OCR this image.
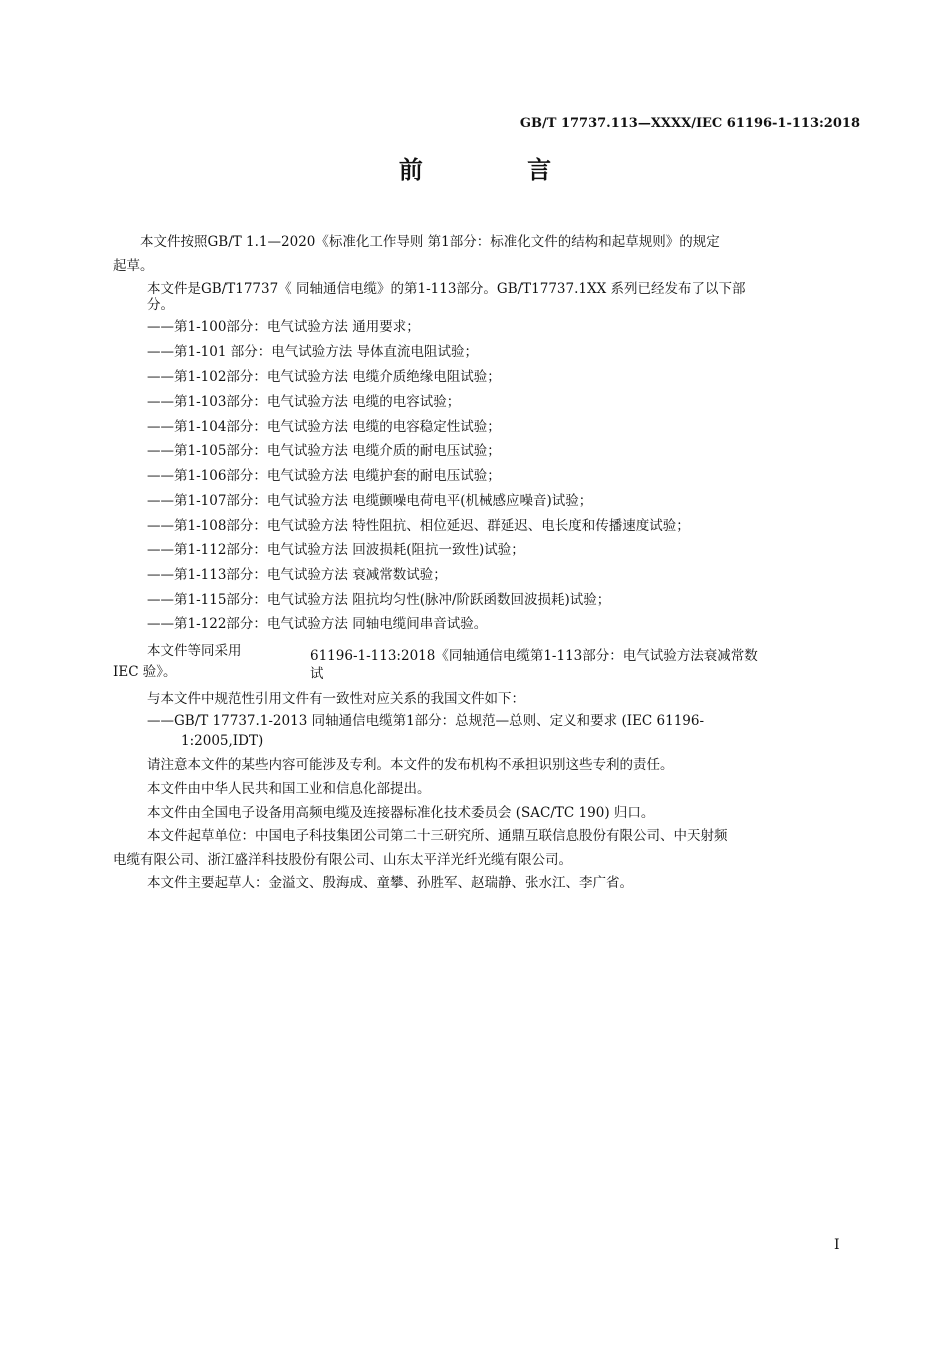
GB/T 17737.113—XXXX/IEC 61196-1-113:2018
前 言
本文件按照GB/T 1.1—2020《标准化工作导则 第1部分：标准化文件的结构和起草规则》的规定
起草。
本文件是GB/T17737《 同轴通信电缆》的第1-113部分。GB/T17737.1XX 系列已经发布了以下部
分。
——第1-100部分：电气试验方法 通用要求；
——第1-101 部分：电气试验方法 导体直流电阻试验；
——第1-102部分：电气试验方法 电缆介质绝缘电阻试验；
——第1-103部分：电气试验方法 电缆的电容试验；
——第1-104部分：电气试验方法 电缆的电容稳定性试验；
——第1-105部分：电气试验方法 电缆介质的耐电压试验；
——第1-106部分：电气试验方法 电缆护套的耐电压试验；
——第1-107部分：电气试验方法 电缆颤噪电荷电平(机械感应噪音)试验；
——第1-108部分：电气试验方法 特性阻抗、相位延迟、群延迟、电长度和传播速度试验；
——第1-112部分：电气试验方法 回波损耗(阻抗一致性)试验；
——第1-113部分：电气试验方法 衰减常数试验；
——第1-115部分：电气试验方法 阻抗均匀性(脉冲/阶跃函数回波损耗)试验；
——第1-122部分：电气试验方法 同轴电缆间串音试验。
本文件等同采用	61196-1-113:2018《同轴通信电缆第1-113部分：电气试验方法衰减常数
IEC 验》。	试
与本文件中规范性引用文件有一致性对应关系的我国文件如下：
——GB/T 17737.1-2013 同轴通信电缆第1部分：总规范—总则、定义和要求 (IEC 61196-
1:2005,IDT)
请注意本文件的某些内容可能涉及专利。本文件的发布机构不承担识别这些专利的责任。
本文件由中华人民共和国工业和信息化部提出。
本文件由全国电子设备用高频电缆及连接器标准化技术委员会 (SAC/TC 190) 归口。
本文件起草单位：中国电子科技集团公司第二十三研究所、通鼎互联信息股份有限公司、中天射频
电缆有限公司、浙江盛洋科技股份有限公司、山东太平洋光纤光缆有限公司。
本文件主要起草人：金溢文、殷海成、童攀、孙胜军、赵瑞静、张水江、李广省。
I
